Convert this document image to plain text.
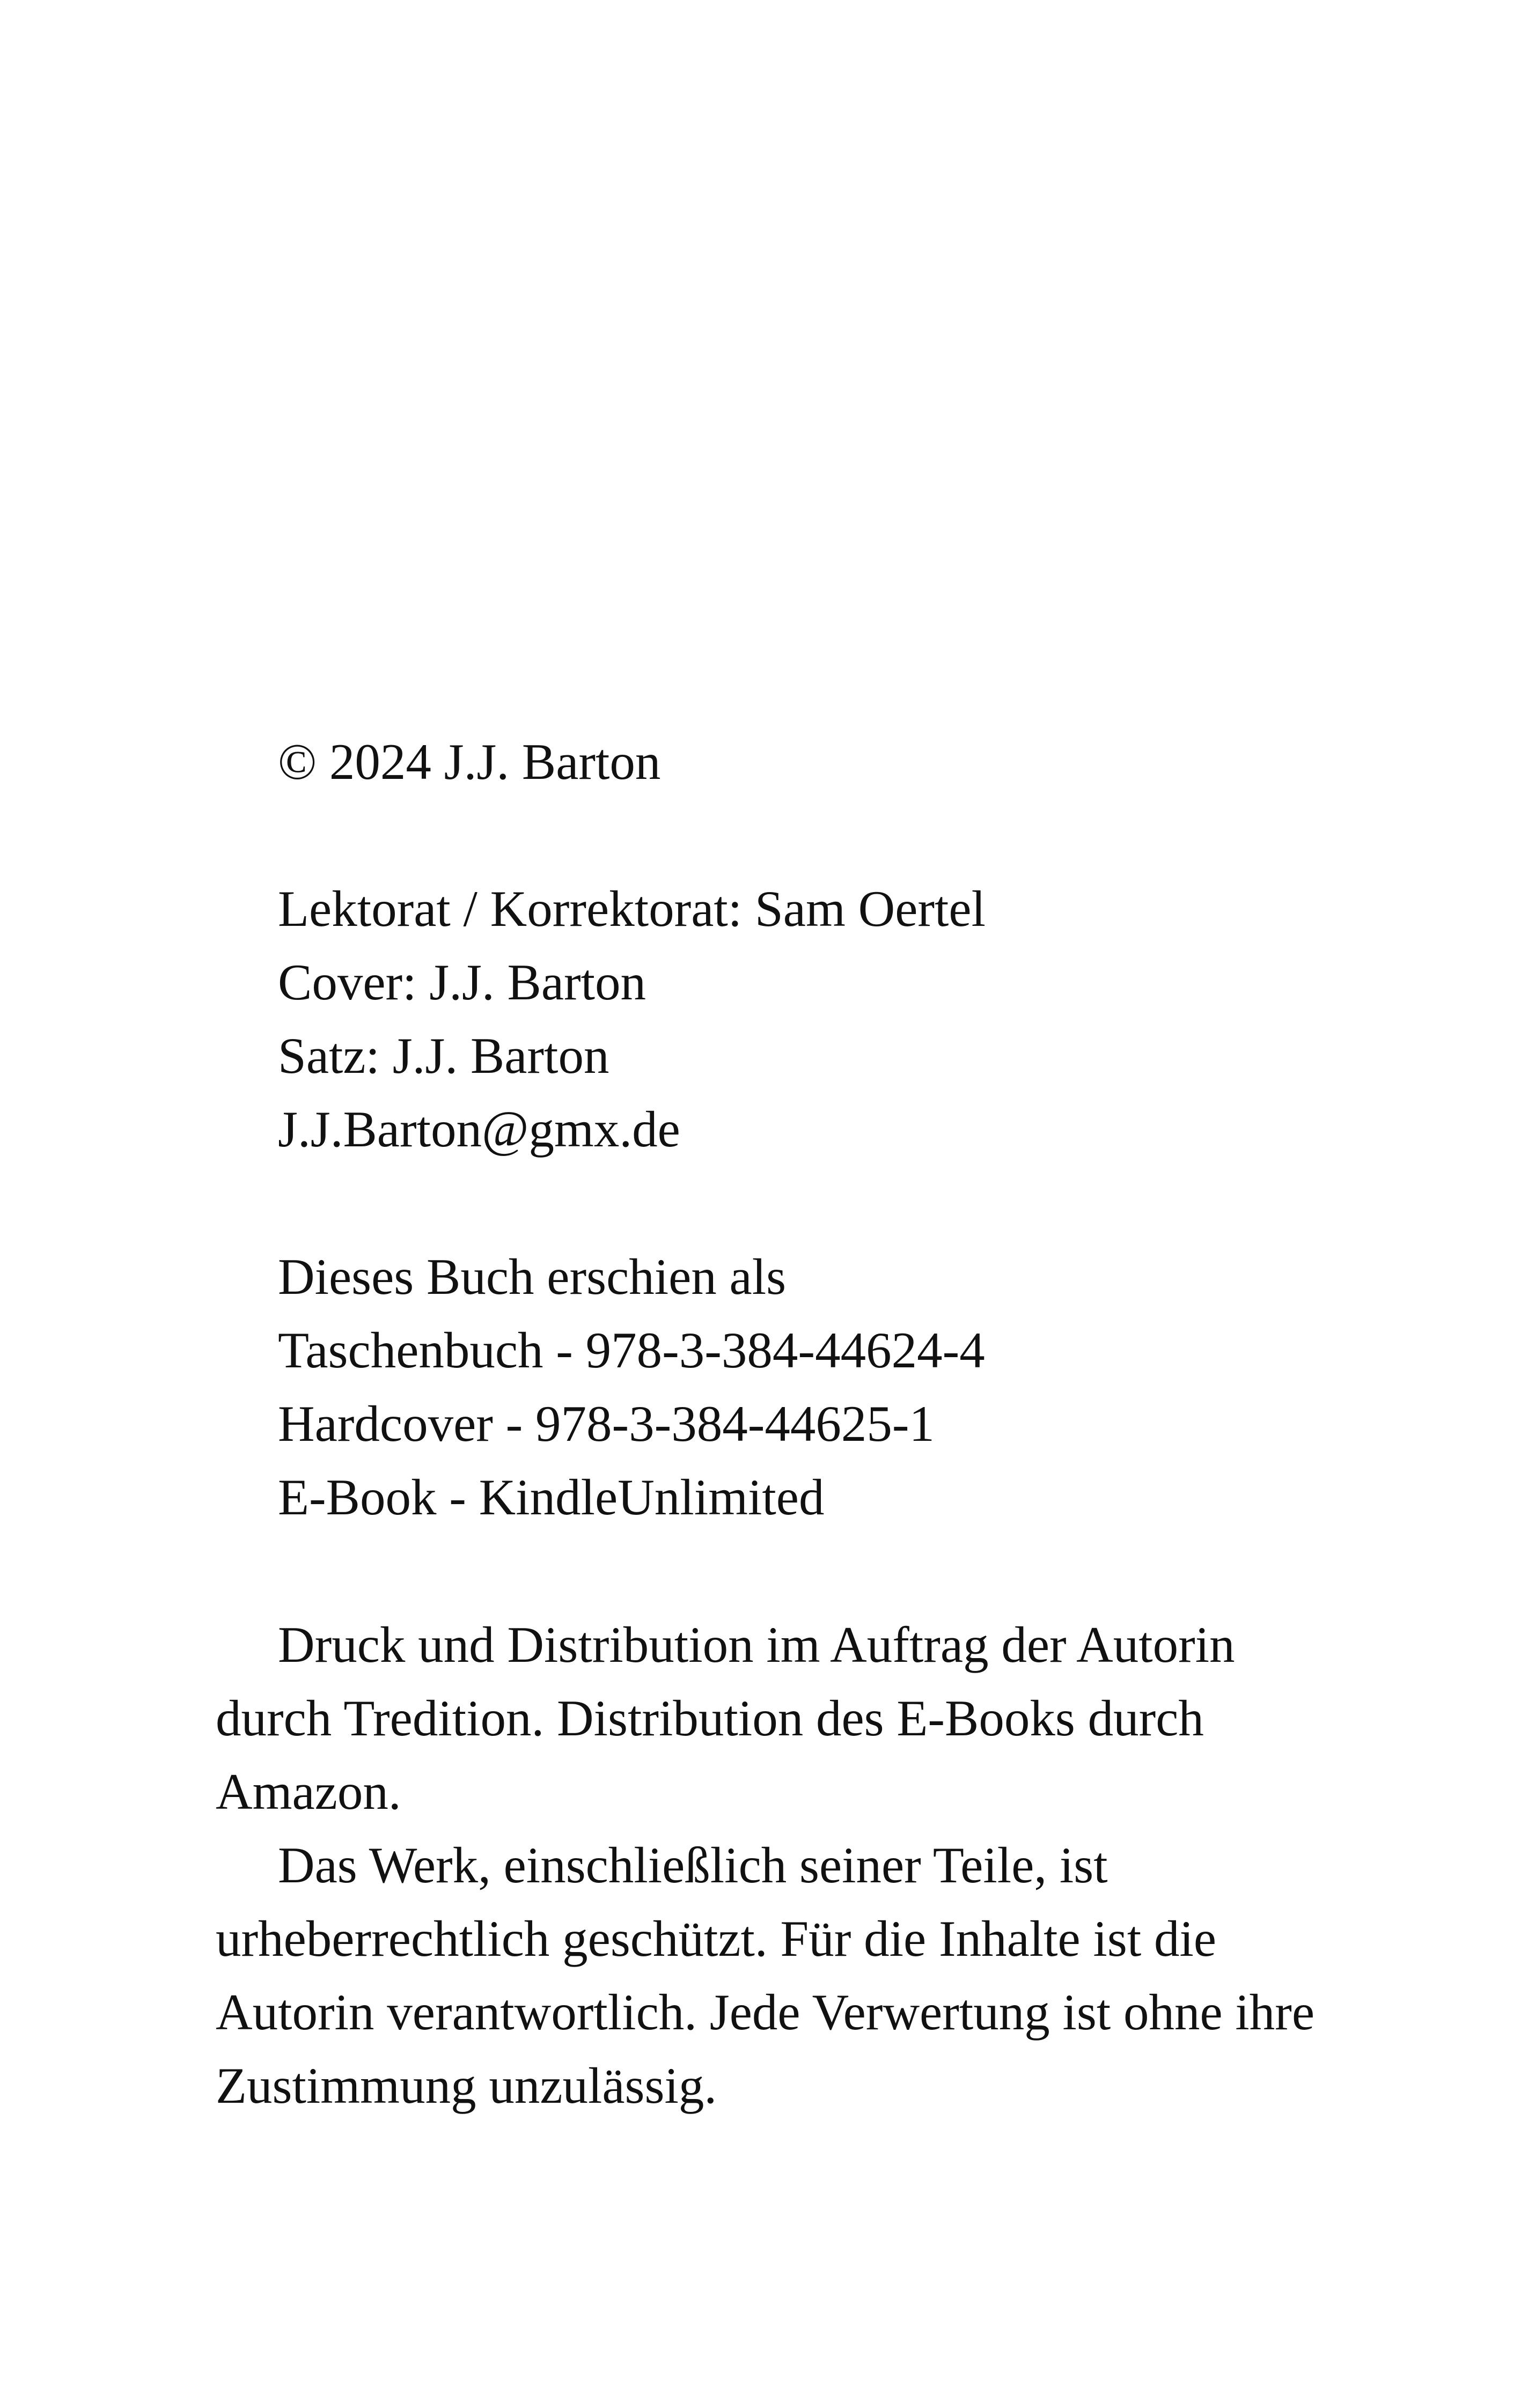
© 2024 J.J. Barton
Lektorat / Korrektorat: Sam Oertel
Cover: J.J. Barton
Satz: J.J. Barton
J.J.Barton@gmx.de
Dieses Buch erschien als
Taschenbuch - 978-3-384-44624-4
Hardcover - 978-3-384-44625-1
E-Book - KindleUnlimited

Druck und Distribution im Auftrag der Autorin durch Tredition. Distribution des E-Books durch Amazon.

Das Werk, einschließlich seiner Teile, ist urheberrechtlich geschützt. Für die Inhalte ist die Autorin verantwortlich. Jede Verwertung ist ohne ihre Zustimmung unzulässig.
